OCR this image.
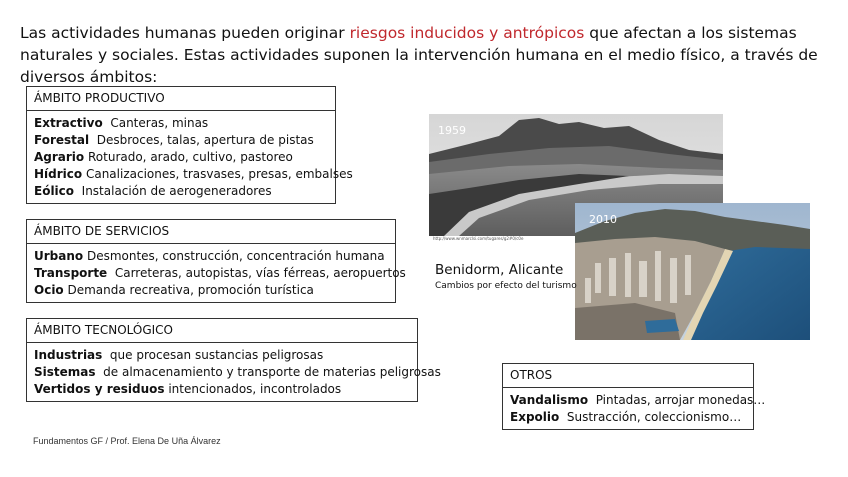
Las actividades humanas pueden originar riesgos inducidos y antrópicos que afectan a los sistemas naturales y sociales. Estas actividades suponen la intervención humana en el medio físico, a través de diversos ámbitos:
ÁMBITO PRODUCTIVO
Extractivo  Canteras, minas
Forestal  Desbroces, talas, apertura de pistas
Agrario Roturado, arado, cultivo, pastoreo
Hídrico Canalizaciones, trasvases, presas, embalses
Eólico  Instalación de aerogeneradores
ÁMBITO DE SERVICIOS
Urbano Desmontes, construcción, concentración humana
Transporte  Carreteras, autopistas, vías férreas, aeropuertos
Ocio Demanda recreativa, promoción turística
ÁMBITO TECNOLÓGICO
Industrias  que procesan sustancias peligrosas
Sistemas  de almacenamiento y transporte de materias peligrosas
Vertidos y residuos intencionados, incontrolados
OTROS
Vandalismo  Pintadas, arrojar monedas…
Expolio  Sustracción, coleccionismo…
1959
http://www.wnmarclsi.com/tugares/g2#0/c0e
2010
Benidorm, Alicante
Cambios por efecto del turismo
Fundamentos GF / Prof. Elena De Uña Álvarez
